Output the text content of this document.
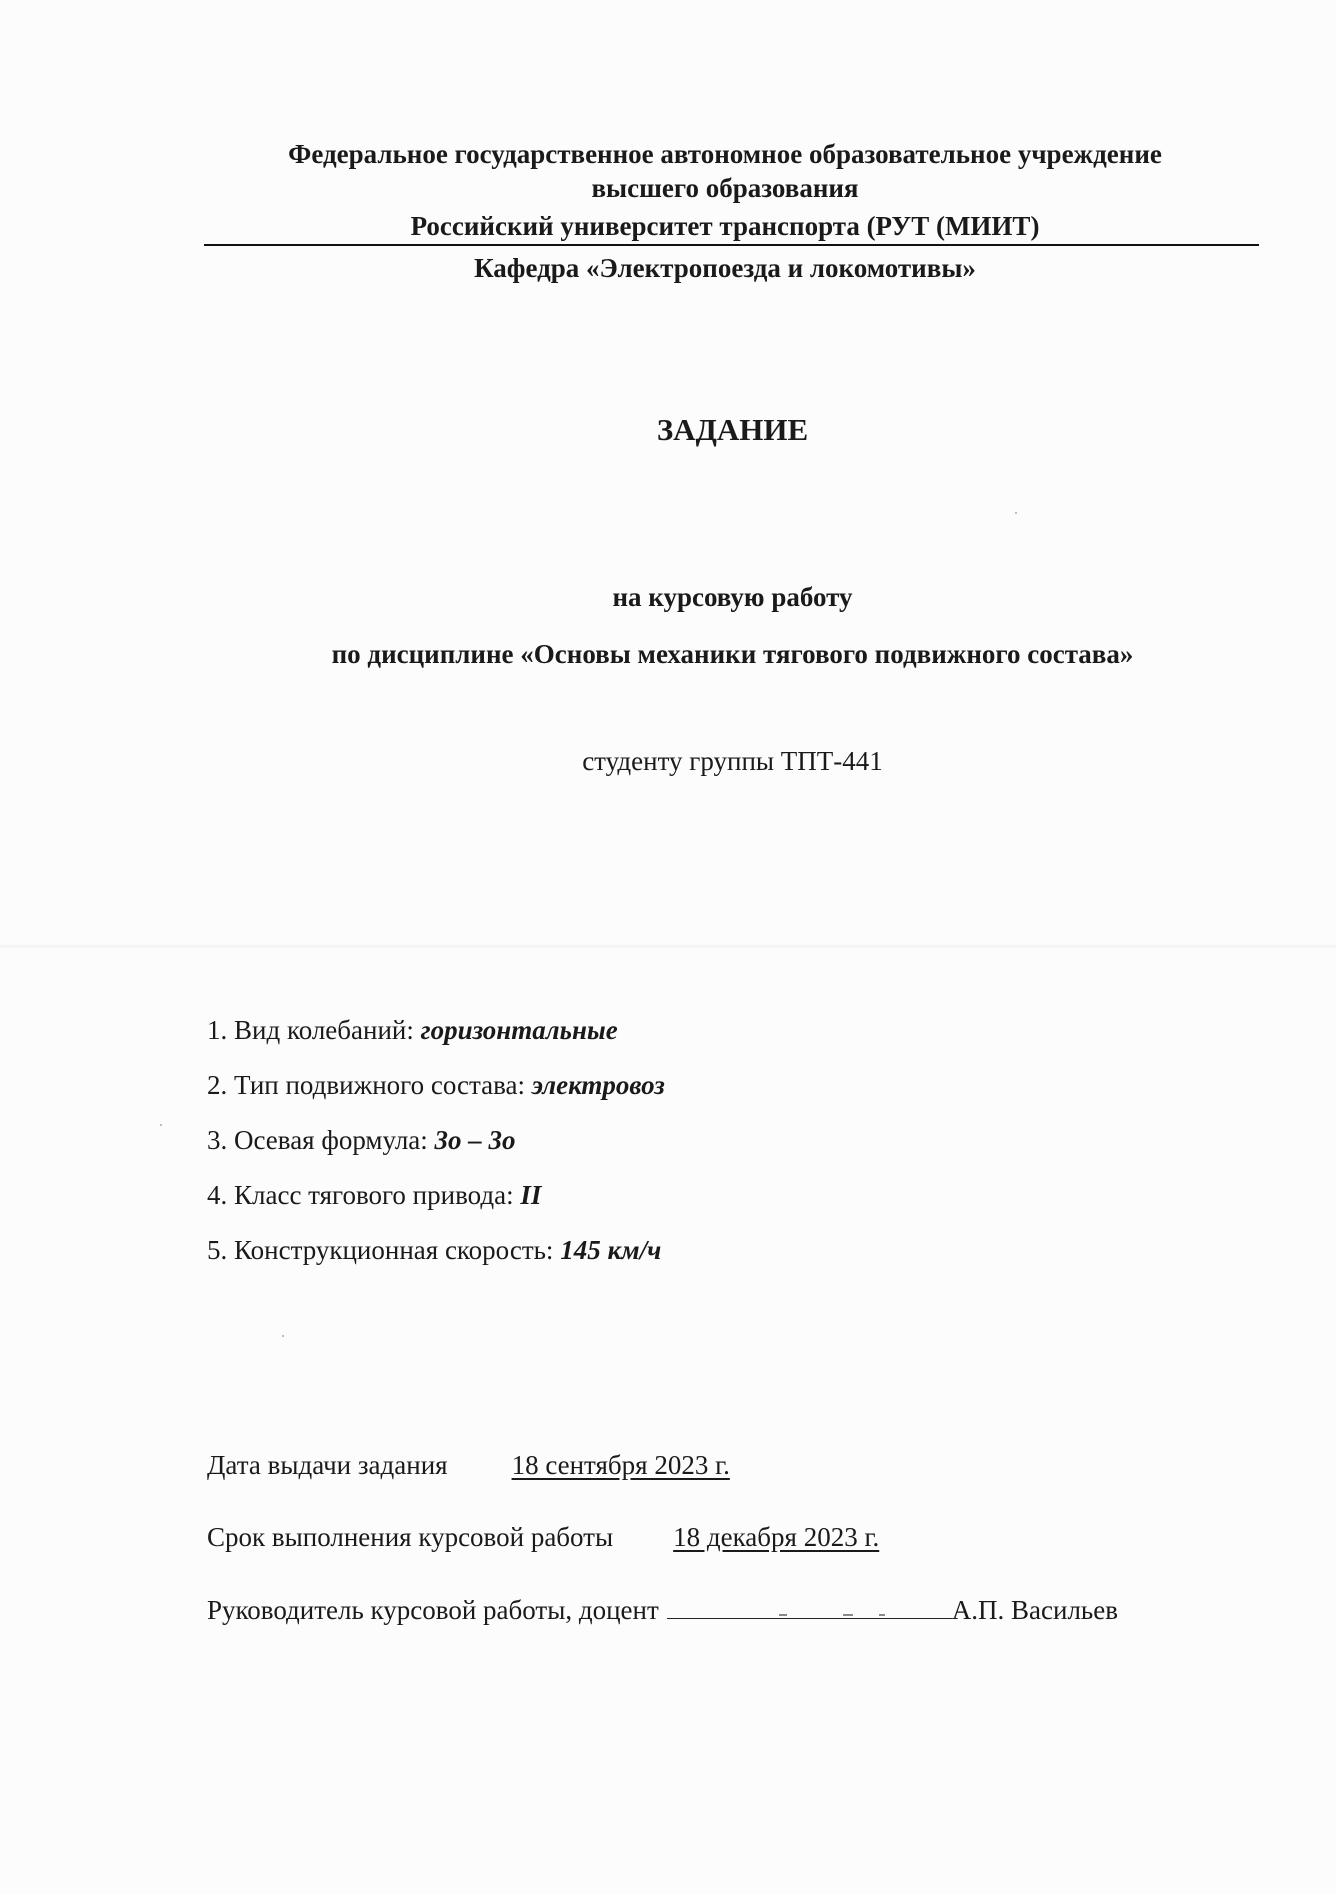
Федеральное государственное автономное образовательное учреждение
высшего образования
Российский университет транспорта (РУТ (МИИТ)
Кафедра «Электропоезда и локомотивы»
ЗАДАНИЕ
на курсовую работу
по дисциплине «Основы механики тягового подвижного состава»
студенту группы ТПТ-441
1. Вид колебаний: горизонтальные
2. Тип подвижного состава: электровоз
3. Осевая формула: 3о – 3о
4. Класс тягового привода: II
5. Конструкционная скорость: 145 км/ч
Дата выдачи задания 18 сентября 2023 г.
Срок выполнения курсовой работы 18 декабря 2023 г.
Руководитель курсовой работы, доцент	А.П. Васильев
